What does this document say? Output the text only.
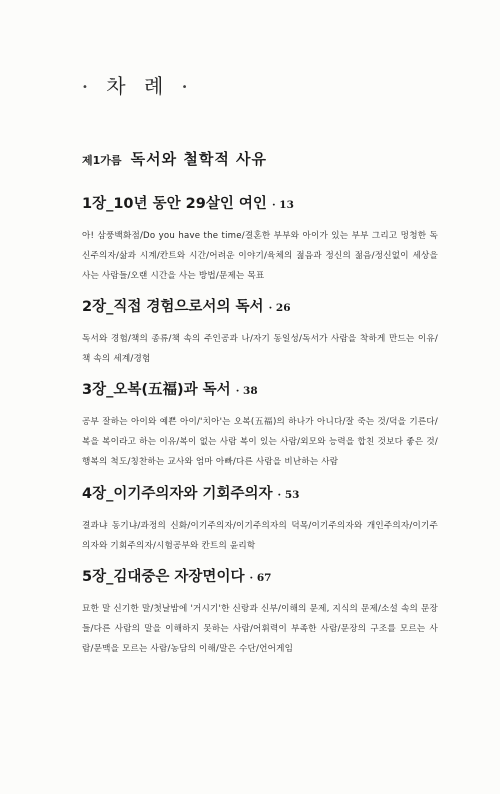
• 차 례 •
제1가름 독서와 철학적 사유

1장_10년 동안 29살인 여인 · 13

아! 삼풍백화점/Do you have the time/결혼한 부부와 아이가 있는 부부 그리고 멍청한 독신주의자/삶과 시계/칸트와 시간/어려운 이야기/육체의 젊음과 정신의 젊음/정신없이 세상을 사는 사람들/오랜 시간을 사는 방법/문제는 목표

2장_직접 경험으로서의 독서 · 26

독서와 경험/책의 종류/책 속의 주인공과 나/자기 동일성/독서가 사람을 착하게 만드는 이유/책 속의 세계/경험

3장_오복(五福)과 독서 · 38

공부 잘하는 아이와 예쁜 아이/'치아'는 오복(五福)의 하나가 아니다/잘 죽는 것/덕을 기른다/복을 복이라고 하는 이유/복이 없는 사람 복이 있는 사람/외모와 능력을 합친 것보다 좋은 것/행복의 척도/칭찬하는 교사와 엄마 아빠/다른 사람을 비난하는 사람

4장_이기주의자와 기회주의자 · 53

결과냐 동기냐/과정의 신화/이기주의자/이기주의자의 덕목/이기주의자와 개인주의자/이기주의자와 기회주의자/시험공부와 칸트의 윤리학

5장_김대중은 자장면이다 · 67

묘한 말 신기한 말/첫날밤에 '거시기'한 신랑과 신부/이해의 문제, 지식의 문제/소설 속의 문장들/다른 사람의 말을 이해하지 못하는 사람/어휘력이 부족한 사람/문장의 구조를 모르는 사람/문맥을 모르는 사람/농담의 이해/말은 수단/언어게임
